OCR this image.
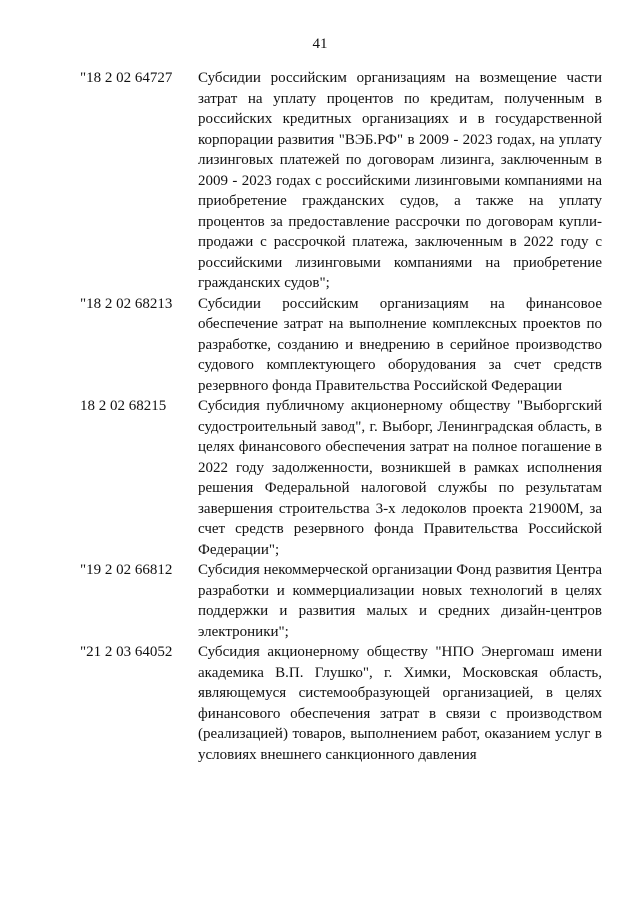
41
"18 2 02 64727	Субсидии российским организациям на возмещение части затрат на уплату процентов по кредитам, полученным в российских кредитных организациях и в государственной корпорации развития "ВЭБ.РФ" в 2009 - 2023 годах, на уплату лизинговых платежей по договорам лизинга, заключенным в 2009 - 2023 годах с российскими лизинговыми компаниями на приобретение гражданских судов, а также на уплату процентов за предоставление рассрочки по договорам купли-продажи с рассрочкой платежа, заключенным в 2022 году с российскими лизинговыми компаниями на приобретение гражданских судов";
"18 2 02 68213	Субсидии российским организациям на финансовое обеспечение затрат на выполнение комплексных проектов по разработке, созданию и внедрению в серийное производство судового комплектующего оборудования за счет средств резервного фонда Правительства Российской Федерации
18 2 02 68215	Субсидия публичному акционерному обществу "Выборгский судостроительный завод", г. Выборг, Ленинградская область, в целях финансового обеспечения затрат на полное погашение в 2022 году задолженности, возникшей в рамках исполнения решения Федеральной налоговой службы по результатам завершения строительства 3-х ледоколов проекта 21900М, за счет средств резервного фонда Правительства Российской Федерации";
"19 2 02 66812	Субсидия некоммерческой организации Фонд развития Центра разработки и коммерциализации новых технологий в целях поддержки и развития малых и средних дизайн-центров электроники";
"21 2 03 64052	Субсидия акционерному обществу "НПО Энергомаш имени академика В.П. Глушко", г. Химки, Московская область, являющемуся системообразующей организацией, в целях финансового обеспечения затрат в связи с производством (реализацией) товаров, выполнением работ, оказанием услуг в условиях внешнего санкционного давления
